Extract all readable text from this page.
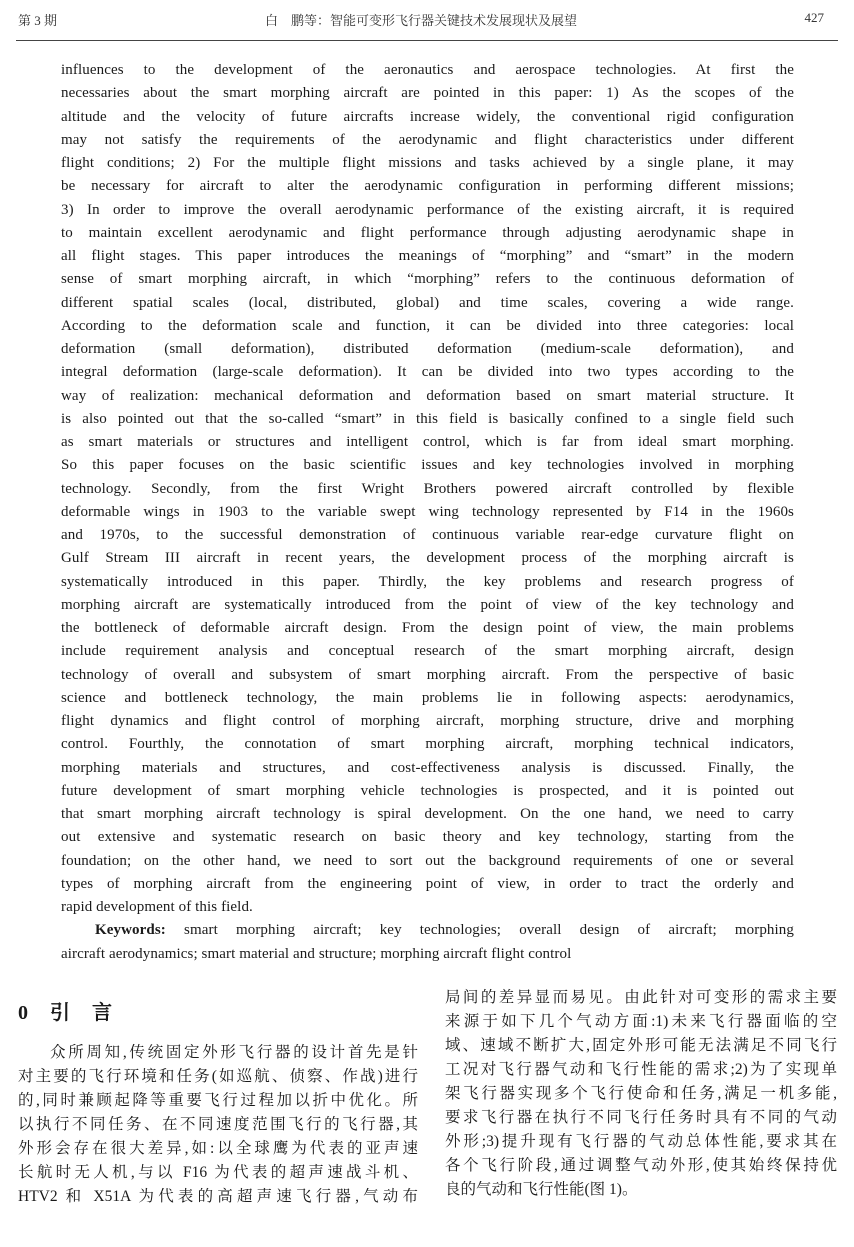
第 3 期	白　鹏等：智能可变形飞行器关键技术发展现状及展望	427
influences to the development of the aeronautics and aerospace technologies. At first the
necessaries about the smart morphing aircraft are pointed in this paper: 1) As the scopes of the
altitude and the velocity of future aircrafts increase widely, the conventional rigid configuration
may not satisfy the requirements of the aerodynamic and flight characteristics under different
flight conditions; 2) For the multiple flight missions and tasks achieved by a single plane, it may
be necessary for aircraft to alter the aerodynamic configuration in performing different missions;
3) In order to improve the overall aerodynamic performance of the existing aircraft, it is required
to maintain excellent aerodynamic and flight performance through adjusting aerodynamic shape in
all flight stages. This paper introduces the meanings of “morphing” and “smart” in the modern
sense of smart morphing aircraft, in which “morphing” refers to the continuous deformation of
different spatial scales (local, distributed, global) and time scales, covering a wide range.
According to the deformation scale and function, it can be divided into three categories: local
deformation (small deformation), distributed deformation (medium-scale deformation), and
integral deformation (large-scale deformation). It can be divided into two types according to the
way of realization: mechanical deformation and deformation based on smart material structure. It
is also pointed out that the so-called “smart” in this field is basically confined to a single field such
as smart materials or structures and intelligent control, which is far from ideal smart morphing.
So this paper focuses on the basic scientific issues and key technologies involved in morphing
technology. Secondly, from the first Wright Brothers powered aircraft controlled by flexible
deformable wings in 1903 to the variable swept wing technology represented by F14 in the 1960s
and 1970s, to the successful demonstration of continuous variable rear-edge curvature flight on
Gulf Stream III aircraft in recent years, the development process of the morphing aircraft is
systematically introduced in this paper. Thirdly, the key problems and research progress of
morphing aircraft are systematically introduced from the point of view of the key technology and
the bottleneck of deformable aircraft design. From the design point of view, the main problems
include requirement analysis and conceptual research of the smart morphing aircraft, design
technology of overall and subsystem of smart morphing aircraft. From the perspective of basic
science and bottleneck technology, the main problems lie in following aspects: aerodynamics,
flight dynamics and flight control of morphing aircraft, morphing structure, drive and morphing
control. Fourthly, the connotation of smart morphing aircraft, morphing technical indicators,
morphing materials and structures, and cost-effectiveness analysis is discussed. Finally, the
future development of smart morphing vehicle technologies is prospected, and it is pointed out
that smart morphing aircraft technology is spiral development. On the one hand, we need to carry
out extensive and systematic research on basic theory and key technology, starting from the
foundation; on the other hand, we need to sort out the background requirements of one or several
types of morphing aircraft from the engineering point of view, in order to tract the orderly and
rapid development of this field.
Keywords: smart morphing aircraft; key technologies; overall design of aircraft; morphing
aircraft aerodynamics; smart material and structure; morphing aircraft flight control
0 引 言
众所周知,传统固定外形飞行器的设计首先是针
对主要的飞行环境和任务(如巡航、侦察、作战)进行
的,同时兼顾起降等重要飞行过程加以折中优化。所
以执行不同任务、在不同速度范围飞行的飞行器,其
外形会存在很大差异,如:以全球鹰为代表的亚声速
长航时无人机,与以 F16 为代表的超声速战斗机、
HTV2 和 X51A 为代表的高超声速飞行器,气动布
局间的差异显而易见。由此针对可变形的需求主要
来源于如下几个气动方面:1)未来飞行器面临的空
域、速域不断扩大,固定外形可能无法满足不同飞行
工况对飞行器气动和飞行性能的需求;2)为了实现单
架飞行器实现多个飞行使命和任务,满足一机多能,
要求飞行器在执行不同飞行任务时具有不同的气动
外形;3)提升现有飞行器的气动总体性能,要求其在
各个飞行阶段,通过调整气动外形,使其始终保持优
良的气动和飞行性能(图 1)。
